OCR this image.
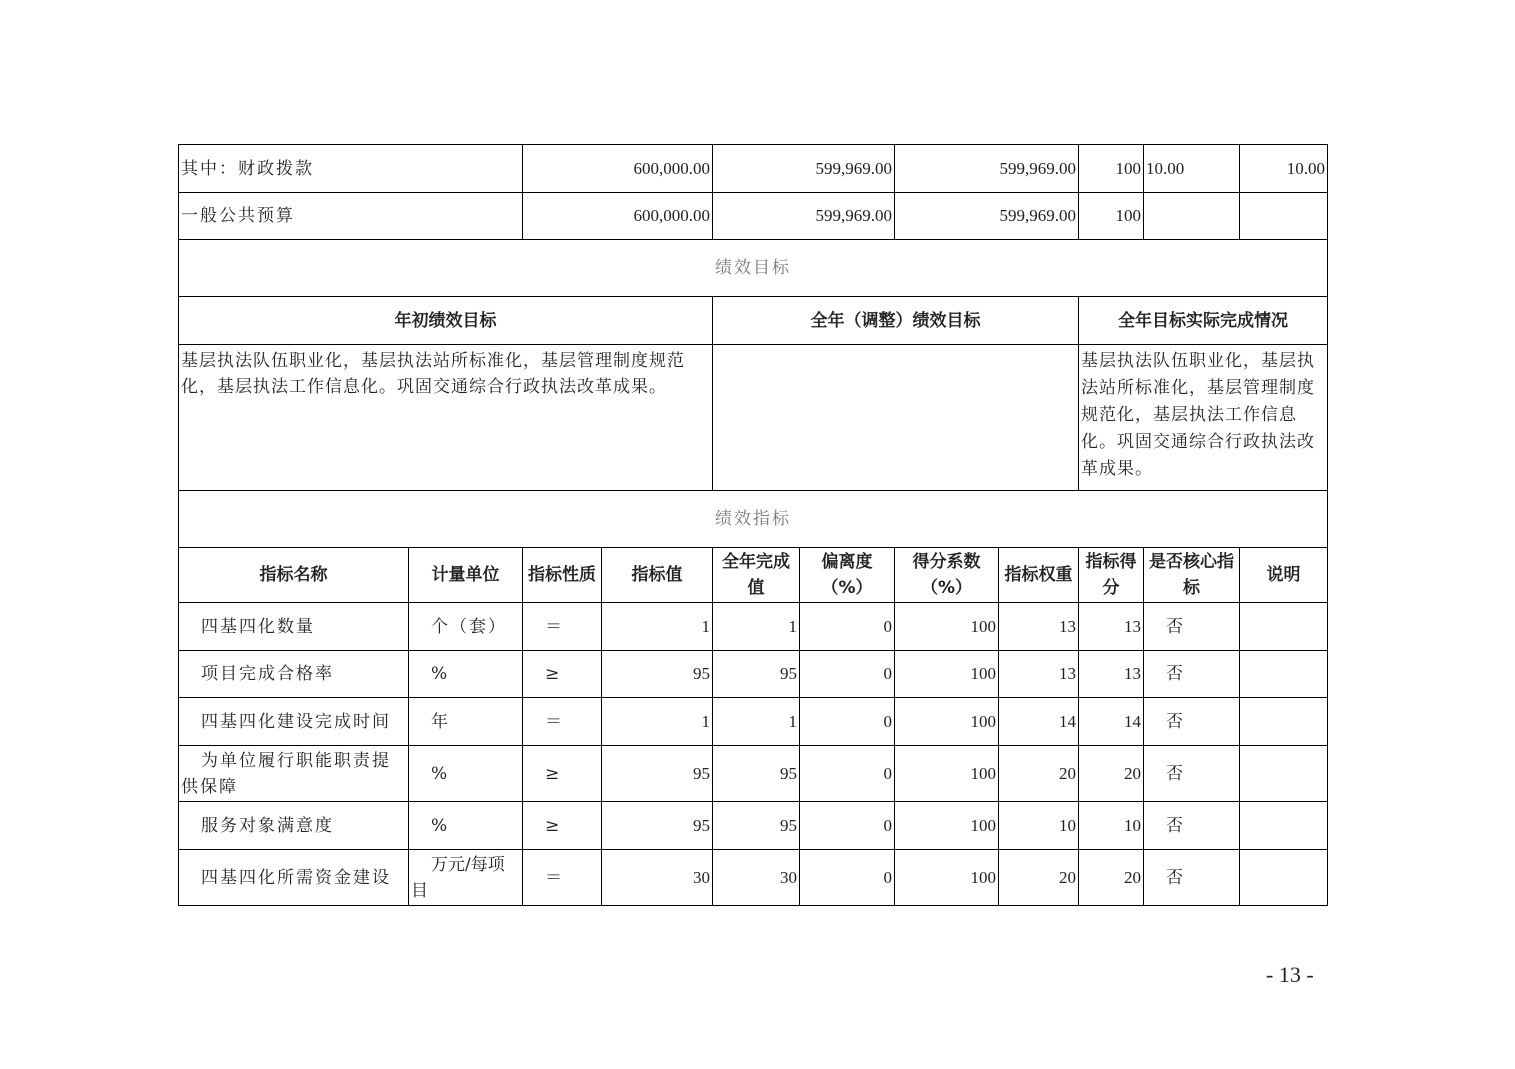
其中：财政拨款		600,000.00		599,969.00		599,969.00		100	10.00	10.00
一般公共预算		600,000.00		599,969.00		599,969.00		100		
绩效目标										
年初绩效目标				全年（调整）绩效目标				全年目标实际完成情况		
基层执法队伍职业化，基层执法站所标准化，基层管理制度规范化，基层执法工作信息化。巩固交通综合行政执法改革成果。								基层执法队伍职业化，基层执法站所标准化，基层管理制度规范化，基层执法工作信息化。巩固交通综合行政执法改革成果。		
绩效指标										
指标名称	计量单位	指标性质	指标值	全年完成值	偏离度（%）	得分系数（%）	指标权重	指标得分	是否核心指标	说明
四基四化数量	个（套）	＝	1	1	0	100	13	13	否	
项目完成合格率	%	≥	95	95	0	100	13	13	否	
四基四化建设完成时间	年	＝	1	1	0	100	14	14	否	
为单位履行职能职责提供保障	%	≥	95	95	0	100	20	20	否	
服务对象满意度	%	≥	95	95	0	100	10	10	否	
四基四化所需资金建设	万元/每项目	＝	30	30	0	100	20	20	否	
- 13 -
